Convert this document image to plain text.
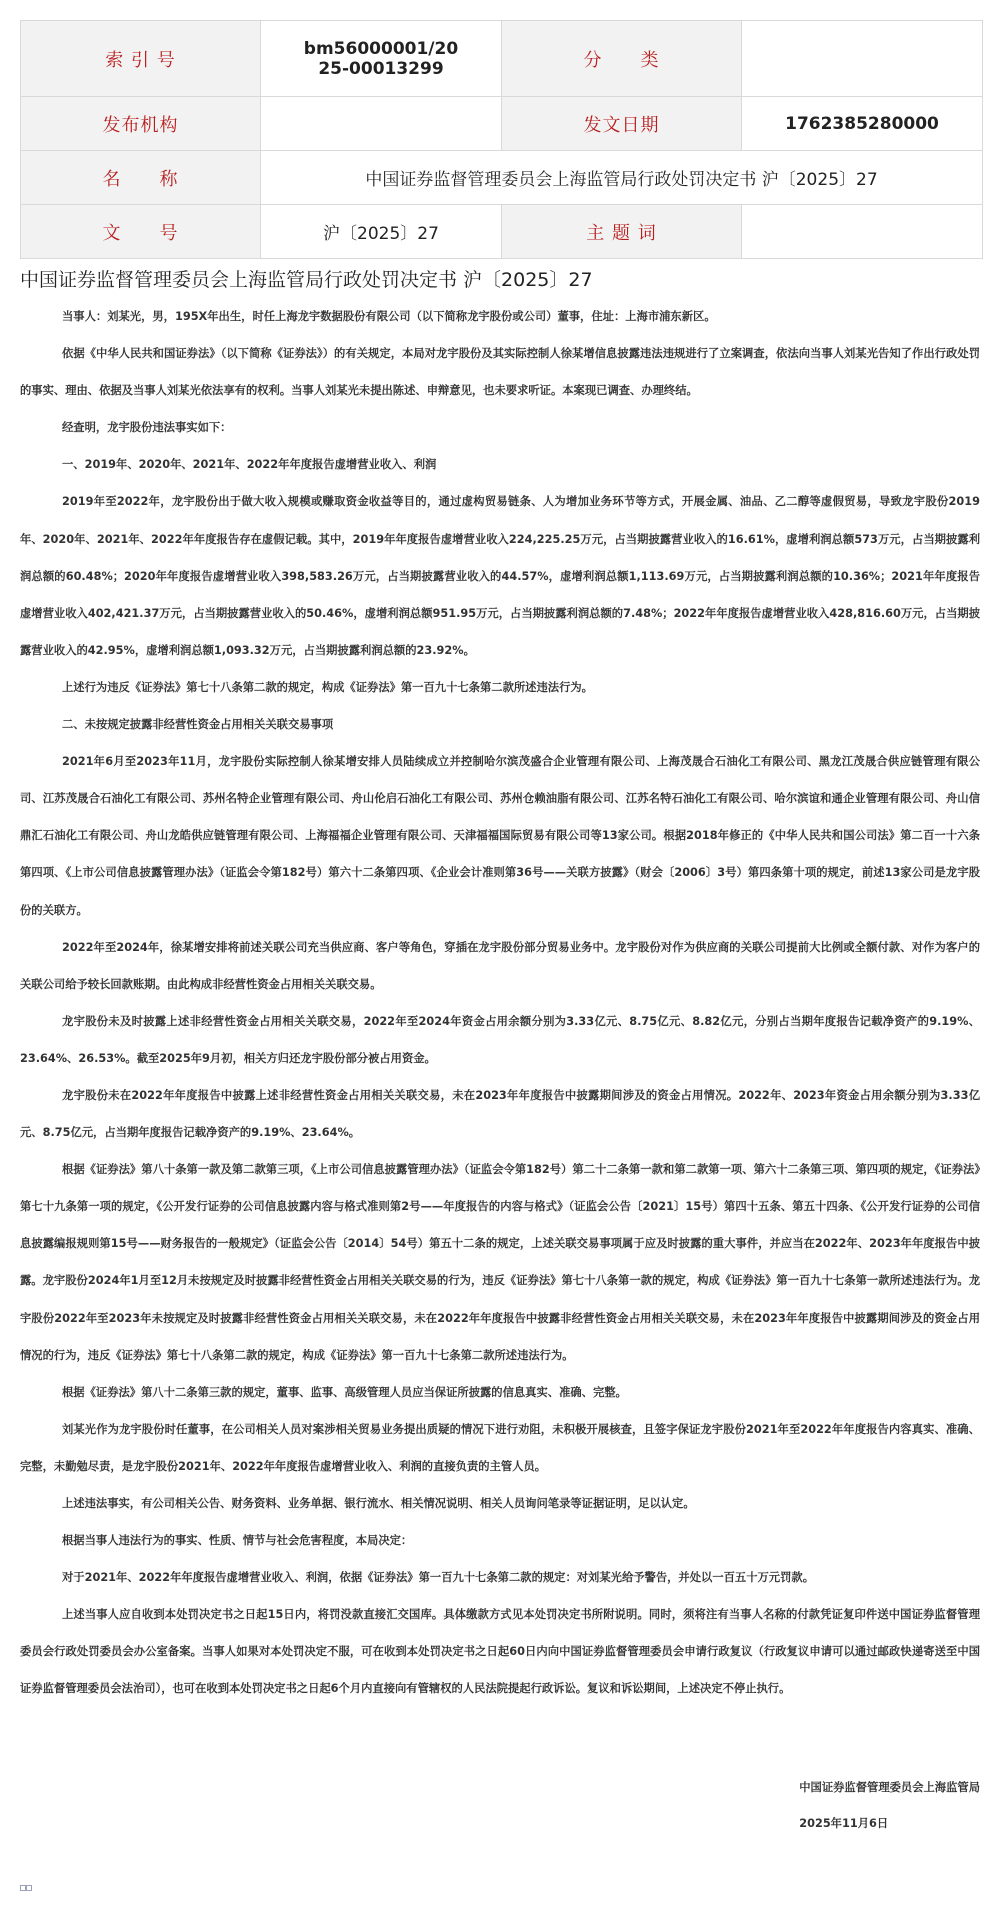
索 引 号	bm56000001/2025-00013299	分　　类	
发布机构		发文日期	1762385280000
名　　称	中国证券监督管理委员会上海监管局行政处罚决定书 沪〔2025〕27		
文　　号	沪〔2025〕27	主 题 词	
中国证券监督管理委员会上海监管局行政处罚决定书 沪〔2025〕27

当事人：刘某光，男，195X年出生，时任上海龙宇数据股份有限公司（以下简称龙宇股份或公司）董事，住址：上海市浦东新区。

依据《中华人民共和国证券法》（以下简称《证券法》）的有关规定，本局对龙宇股份及其实际控制人徐某增信息披露违法违规进行了立案调查，依法向当事人刘某光告知了作出行政处罚的事实、理由、依据及当事人刘某光依法享有的权利。当事人刘某光未提出陈述、申辩意见，也未要求听证。本案现已调查、办理终结。

经查明，龙宇股份违法事实如下：

一、2019年、2020年、2021年、2022年年度报告虚增营业收入、利润

2019年至2022年，龙宇股份出于做大收入规模或赚取资金收益等目的，通过虚构贸易链条、人为增加业务环节等方式，开展金属、油品、乙二醇等虚假贸易，导致龙宇股份2019年、2020年、2021年、2022年年度报告存在虚假记载。其中，2019年年度报告虚增营业收入224,225.25万元，占当期披露营业收入的16.61%，虚增利润总额573万元，占当期披露利润总额的60.48%；2020年年度报告虚增营业收入398,583.26万元，占当期披露营业收入的44.57%，虚增利润总额1,113.69万元，占当期披露利润总额的10.36%；2021年年度报告虚增营业收入402,421.37万元，占当期披露营业收入的50.46%，虚增利润总额951.95万元，占当期披露利润总额的7.48%；2022年年度报告虚增营业收入428,816.60万元，占当期披露营业收入的42.95%，虚增利润总额1,093.32万元，占当期披露利润总额的23.92%。

上述行为违反《证券法》第七十八条第二款的规定，构成《证券法》第一百九十七条第二款所述违法行为。

二、未按规定披露非经营性资金占用相关关联交易事项

2021年6月至2023年11月，龙宇股份实际控制人徐某增安排人员陆续成立并控制哈尔滨茂盛合企业管理有限公司、上海茂晟合石油化工有限公司、黑龙江茂晟合供应链管理有限公司、江苏茂晟合石油化工有限公司、苏州名特企业管理有限公司、舟山伦启石油化工有限公司、苏州仓赖油脂有限公司、江苏名特石油化工有限公司、哈尔滨谊和通企业管理有限公司、舟山信鼎汇石油化工有限公司、舟山龙皓供应链管理有限公司、上海福福企业管理有限公司、天津福福国际贸易有限公司等13家公司。根据2018年修正的《中华人民共和国公司法》第二百一十六条第四项、《上市公司信息披露管理办法》（证监会令第182号）第六十二条第四项、《企业会计准则第36号——关联方披露》（财会〔2006〕3号）第四条第十项的规定，前述13家公司是龙宇股份的关联方。

2022年至2024年，徐某增安排将前述关联公司充当供应商、客户等角色，穿插在龙宇股份部分贸易业务中。龙宇股份对作为供应商的关联公司提前大比例或全额付款、对作为客户的关联公司给予较长回款账期。由此构成非经营性资金占用相关关联交易。

龙宇股份未及时披露上述非经营性资金占用相关关联交易，2022年至2024年资金占用余额分别为3.33亿元、8.75亿元、8.82亿元，分别占当期年度报告记载净资产的9.19%、23.64%、26.53%。截至2025年9月初，相关方归还龙宇股份部分被占用资金。

龙宇股份未在2022年年度报告中披露上述非经营性资金占用相关关联交易，未在2023年年度报告中披露期间涉及的资金占用情况。2022年、2023年资金占用余额分别为3.33亿元、8.75亿元，占当期年度报告记载净资产的9.19%、23.64%。

根据《证券法》第八十条第一款及第二款第三项，《上市公司信息披露管理办法》（证监会令第182号）第二十二条第一款和第二款第一项、第六十二条第三项、第四项的规定，《证券法》第七十九条第一项的规定，《公开发行证券的公司信息披露内容与格式准则第2号——年度报告的内容与格式》（证监会公告〔2021〕15号）第四十五条、第五十四条、《公开发行证券的公司信息披露编报规则第15号——财务报告的一般规定》（证监会公告〔2014〕54号）第五十二条的规定，上述关联交易事项属于应及时披露的重大事件，并应当在2022年、2023年年度报告中披露。龙宇股份2024年1月至12月未按规定及时披露非经营性资金占用相关关联交易的行为，违反《证券法》第七十八条第一款的规定，构成《证券法》第一百九十七条第一款所述违法行为。龙宇股份2022年至2023年未按规定及时披露非经营性资金占用相关关联交易，未在2022年年度报告中披露非经营性资金占用相关关联交易，未在2023年年度报告中披露期间涉及的资金占用情况的行为，违反《证券法》第七十八条第二款的规定，构成《证券法》第一百九十七条第二款所述违法行为。

根据《证券法》第八十二条第三款的规定，董事、监事、高级管理人员应当保证所披露的信息真实、准确、完整。

刘某光作为龙宇股份时任董事，在公司相关人员对案涉相关贸易业务提出质疑的情况下进行劝阻，未积极开展核查，且签字保证龙宇股份2021年至2022年年度报告内容真实、准确、完整，未勤勉尽责，是龙宇股份2021年、2022年年度报告虚增营业收入、利润的直接负责的主管人员。

上述违法事实，有公司相关公告、财务资料、业务单据、银行流水、相关情况说明、相关人员询问笔录等证据证明，足以认定。

根据当事人违法行为的事实、性质、情节与社会危害程度，本局决定：

对于2021年、2022年年度报告虚增营业收入、利润，依据《证券法》第一百九十七条第二款的规定：对刘某光给予警告，并处以一百五十万元罚款。

上述当事人应自收到本处罚决定书之日起15日内，将罚没款直接汇交国库。具体缴款方式见本处罚决定书所附说明。同时，须将注有当事人名称的付款凭证复印件送中国证券监督管理委员会行政处罚委员会办公室备案。当事人如果对本处罚决定不服，可在收到本处罚决定书之日起60日内向中国证券监督管理委员会申请行政复议（行政复议申请可以通过邮政快递寄送至中国证券监督管理委员会法治司），也可在收到本处罚决定书之日起6个月内直接向有管辖权的人民法院提起行政诉讼。复议和诉讼期间，上述决定不停止执行。

中国证券监督管理委员会上海监管局
2025年11月6日
